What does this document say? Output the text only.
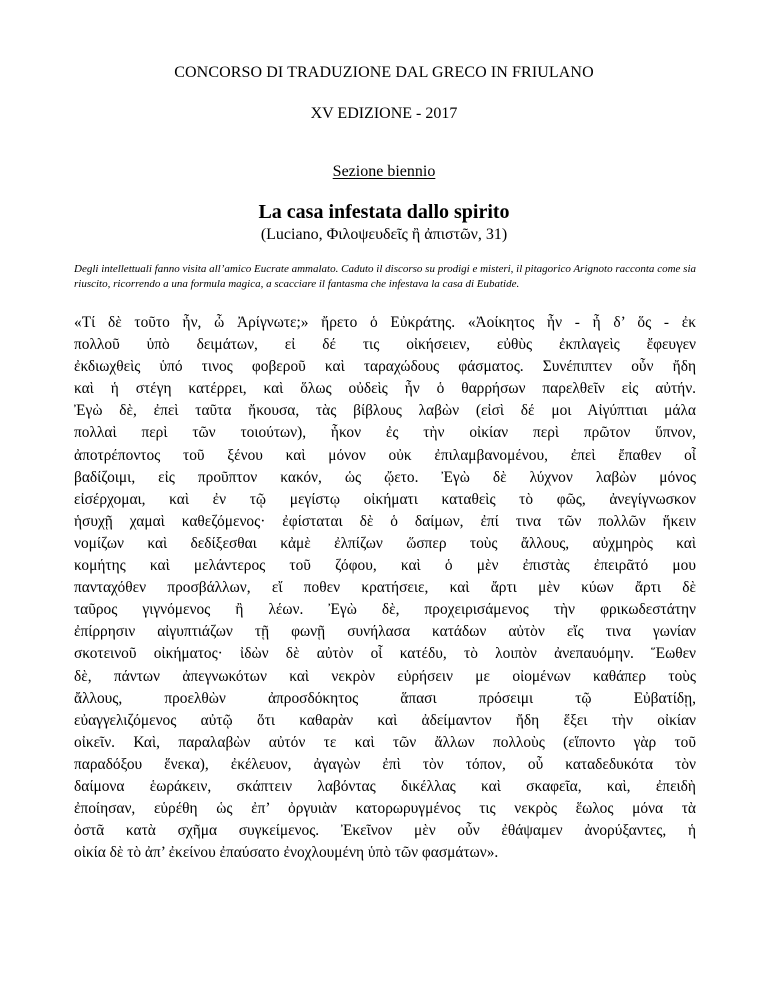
CONCORSO DI TRADUZIONE DAL GRECO IN FRIULANO
XV EDIZIONE - 2017
Sezione biennio
La casa infestata dallo spirito
(Luciano, Φιλοψευδεῖς ἢ ἀπιστῶν, 31)
Degli intellettuali fanno visita all’amico Eucrate ammalato. Caduto il discorso su prodigi e misteri, il pitagorico Arignoto racconta come sia riuscito, ricorrendo a una formula magica, a scacciare il fantasma che infestava la casa di Eubatide.
«Τί δὲ τοῦτο ἦν, ὦ Ἀρίγνωτε;» ἤρετο ὁ Εὐκράτης. «Ἀοίκητος ἦν - ἦ δ’ ὅς - ἐκ
πολλοῦ ὑπὸ δειμάτων, εἰ δέ τις οἰκήσειεν, εὐθὺς ἐκπλαγεὶς ἔφευγεν
ἐκδιωχθεὶς ὑπό τινος φοβεροῦ καὶ ταραχώδους φάσματος. Συνέπιπτεν οὖν ἤδη
καὶ ἡ στέγη κατέρρει, καὶ ὅλως οὐδεὶς ἦν ὁ θαρρήσων παρελθεῖν εἰς αὐτήν.
Ἐγὼ δὲ, ἐπεὶ ταῦτα ἤκουσα, τὰς βίβλους λαβὼν (εἰσὶ δέ μοι Αἰγύπτιαι μάλα
πολλαὶ περὶ τῶν τοιούτων), ἧκον ἐς τὴν οἰκίαν περὶ πρῶτον ὕπνον,
ἀποτρέποντος τοῦ ξένου καὶ μόνον οὐκ ἐπιλαμβανομένου, ἐπεὶ ἔπαθεν οἷ
βαδίζοιμι, εἰς προῦπτον κακόν, ὡς ᾤετο. Ἐγὼ δὲ λύχνον λαβὼν μόνος
εἰσέρχομαι, καὶ ἐν τῷ μεγίστῳ οἰκήματι καταθεὶς τὸ φῶς, ἀνεγίγνωσκον
ἡσυχῇ χαμαὶ καθεζόμενος· ἐφίσταται δὲ ὁ δαίμων, ἐπί τινα τῶν πολλῶν ἥκειν
νομίζων καὶ δεδίξεσθαι κἀμὲ ἐλπίζων ὥσπερ τοὺς ἄλλους, αὐχμηρὸς καὶ
κομήτης καὶ μελάντερος τοῦ ζόφου, καὶ ὁ μὲν ἐπιστὰς ἐπειρᾶτό μου
πανταχόθεν προσβάλλων, εἴ ποθεν κρατήσειε, καὶ ἄρτι μὲν κύων ἄρτι δὲ
ταῦρος γιγνόμενος ἢ λέων. Ἐγὼ δὲ, προχειρισάμενος τὴν φρικωδεστάτην
ἐπίρρησιν αἰγυπτιάζων τῇ φωνῇ συνήλασα κατάδων αὐτὸν εἴς τινα γωνίαν
σκοτεινοῦ οἰκήματος· ἰδὼν δὲ αὐτὸν οἷ κατέδυ, τὸ λοιπὸν ἀνεπαυόμην. Ἕωθεν
δὲ, πάντων ἀπεγνωκότων καὶ νεκρὸν εὑρήσειν με οἰομένων καθάπερ τοὺς
ἄλλους, προελθὼν ἀπροσδόκητος ἅπασι πρόσειμι τῷ Εὐβατίδῃ,
εὐαγγελιζόμενος αὐτῷ ὅτι καθαρὰν καὶ ἀδείμαντον ἤδη ἕξει τὴν οἰκίαν
οἰκεῖν. Καὶ, παραλαβὼν αὐτόν τε καὶ τῶν ἄλλων πολλοὺς (εἵποντο γὰρ τοῦ
παραδόξου ἕνεκα), ἐκέλευον, ἀγαγὼν ἐπὶ τὸν τόπον, οὗ καταδεδυκότα τὸν
δαίμονα ἑωράκειν, σκάπτειν λαβόντας δικέλλας καὶ σκαφεῖα, καὶ, ἐπειδὴ
ἐποίησαν, εὑρέθη ὡς ἐπ’ ὀργυιὰν κατορωρυγμένος τις νεκρὸς ἕωλος μόνα τὰ
ὀστᾶ κατὰ σχῆμα συγκείμενος. Ἐκεῖνον μὲν οὖν ἐθάψαμεν ἀνορύξαντες, ἡ
οἰκία δὲ τὸ ἀπ’ ἐκείνου ἐπαύσατο ἐνοχλουμένη ὑπὸ τῶν φασμάτων».
